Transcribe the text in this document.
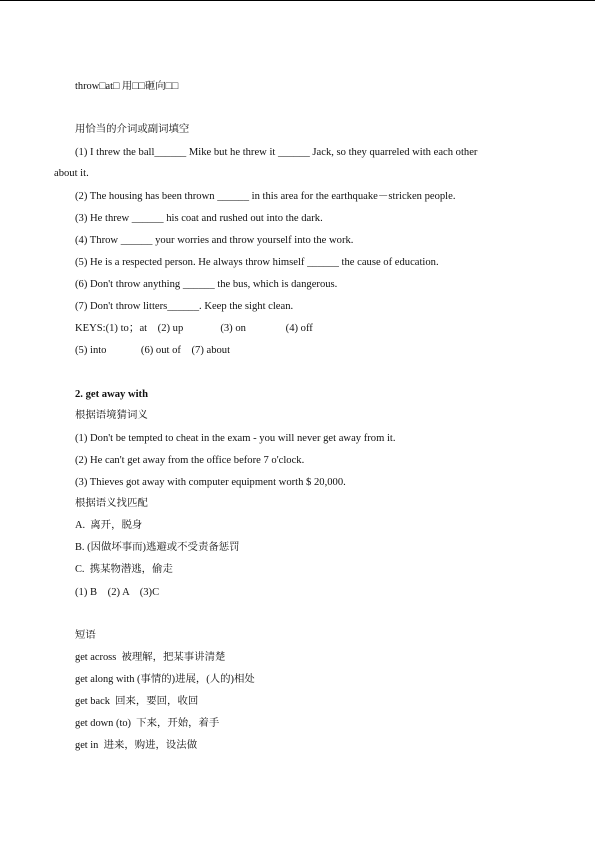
throw□at□ 用□□砸向□□
用恰当的介词或副词填空
(1) I threw the ball______ Mike but he threw it ______ Jack, so they quarreled with each other
about it.
(2) The housing has been thrown ______ in this area for the earthquake－stricken people.
(3) He threw ______ his coat and rushed out into the dark.
(4) Throw ______ your worries and throw yourself into the work.
(5) He is a respected person. He always throw himself ______ the cause of education.
(6) Don't throw anything ______ the bus, which is dangerous.
(7) Don't throw litters______. Keep the sight clean.
KEYS:(1) to；at    (2) up              (3) on               (4) off
(5) into             (6) out of    (7) about
2. get away with
根据语境猜词义
(1) Don't be tempted to cheat in the exam - you will never get away from it.
(2) He can't get away from the office before 7 o'clock.
(3) Thieves got away with computer equipment worth $ 20,000.
根据语义找匹配
A.  离开，脱身
B. (因做坏事而)逃避或不受责备惩罚
C.  携某物潜逃，偷走
(1) B    (2) A    (3)C
短语
get across  被理解，把某事讲清楚
get along with (事情的)进展，(人的)相处
get back  回来，要回，收回
get down (to)  下来，开始，着手
get in  进来，购进，设法做
